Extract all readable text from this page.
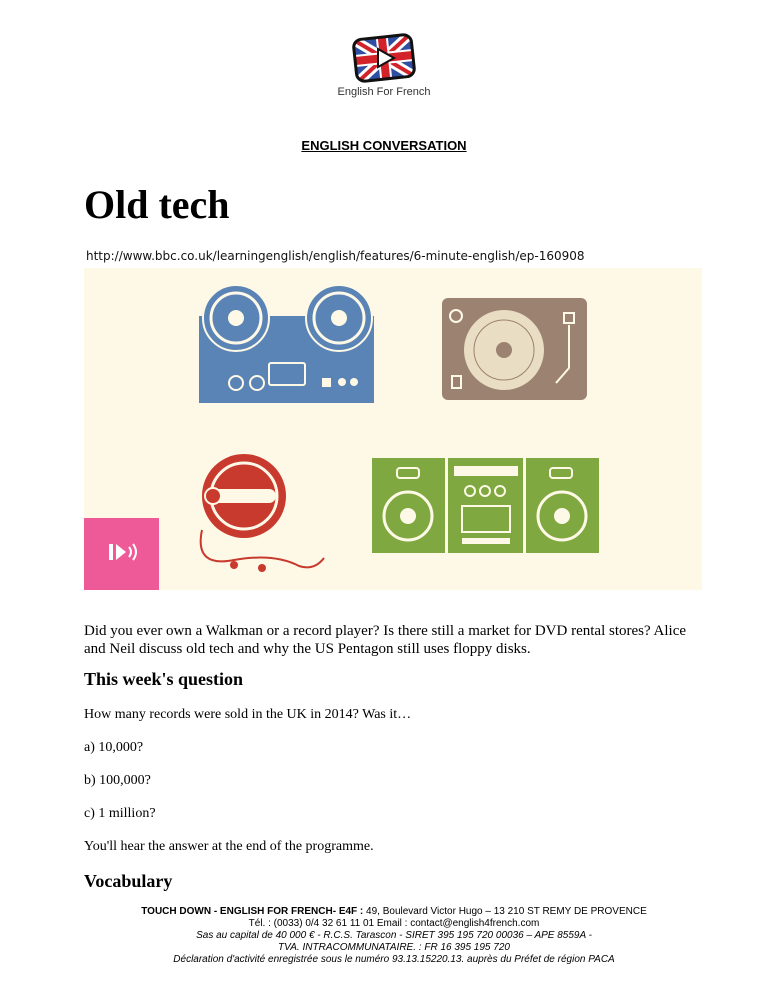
English For French
ENGLISH CONVERSATION
Old tech
http://www.bbc.co.uk/learningenglish/english/features/6-minute-english/ep-160908

Did you ever own a Walkman or a record player? Is there still a market for DVD rental stores? Alice and Neil discuss old tech and why the US Pentagon still uses floppy disks.

This week's question

How many records were sold in the UK in 2014? Was it…

a) 10,000?

b) 100,000?

c) 1 million?

You'll hear the answer at the end of the programme.

Vocabulary
TOUCH DOWN - ENGLISH FOR FRENCH- E4F : 49, Boulevard Victor Hugo – 13 210 ST REMY DE PROVENCE
Tél. : (0033) 0/4 32 61 11 01 Email : contact@english4french.com
Sas au capital de 40 000 € - R.C.S. Tarascon - SIRET 395 195 720 00036 – APE 8559A -
TVA. INTRACOMMUNATAIRE. : FR 16 395 195 720
Déclaration d'activité enregistrée sous le numéro 93.13.15220.13. auprès du Préfet de région PACA
